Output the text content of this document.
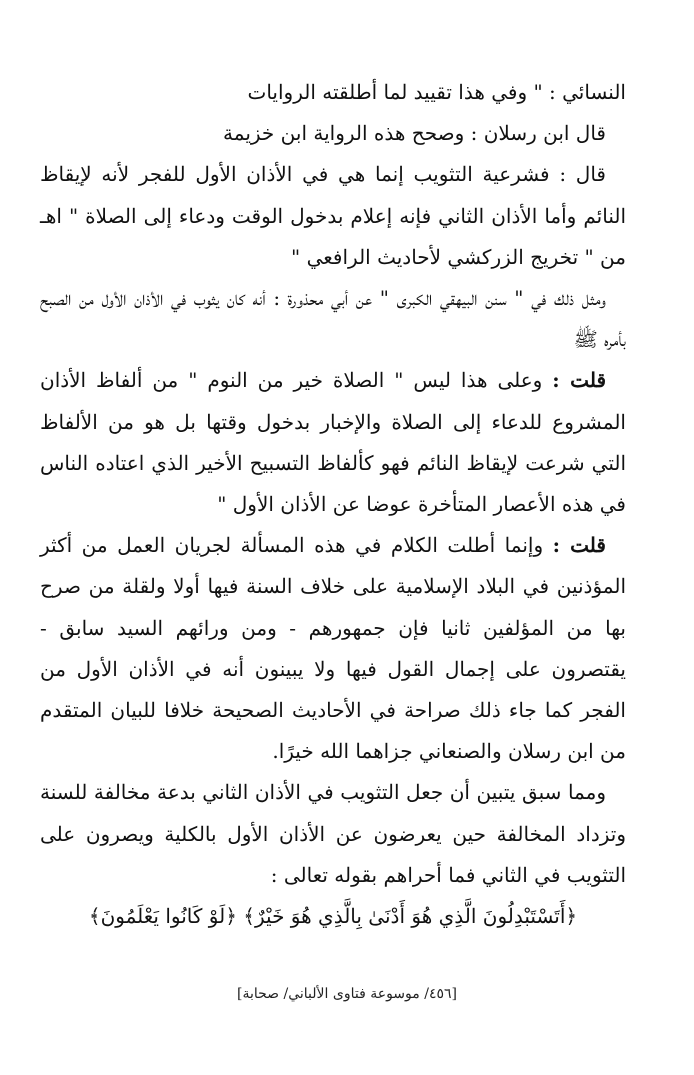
النسائي : " وفي هذا تقييد لما أطلقته الروايات

قال ابن رسلان : وصحح هذه الرواية ابن خزيمة

قال : فشرعية التثويب إنما هي في الأذان الأول للفجر لأنه لإيقاظ النائم وأما الأذان الثاني فإنه إعلام بدخول الوقت ودعاء إلى الصلاة " اهـ من " تخريج الزركشي لأحاديث الرافعي "

ومثل ذلك في " سنن البيهقي الكبرى " عن أبي محذورة : أنه كان يثوب في الأذان الأول من الصبح بأمره ﷺ

قلت : وعلى هذا ليس " الصلاة خير من النوم " من ألفاظ الأذان المشروع للدعاء إلى الصلاة والإخبار بدخول وقتها بل هو من الألفاظ التي شرعت لإيقاظ النائم فهو كألفاظ التسبيح الأخير الذي اعتاده الناس في هذه الأعصار المتأخرة عوضا عن الأذان الأول "

قلت : وإنما أطلت الكلام في هذه المسألة لجريان العمل من أكثر المؤذنين في البلاد الإسلامية على خلاف السنة فيها أولا ولقلة من صرح بها من المؤلفين ثانيا فإن جمهورهم - ومن ورائهم السيد سابق - يقتصرون على إجمال القول فيها ولا يبينون أنه في الأذان الأول من الفجر كما جاء ذلك صراحة في الأحاديث الصحيحة خلافا للبيان المتقدم من ابن رسلان والصنعاني جزاهما الله خيرًا.

ومما سبق يتبين أن جعل التثويب في الأذان الثاني بدعة مخالفة للسنة وتزداد المخالفة حين يعرضون عن الأذان الأول بالكلية ويصرون على التثويب في الثاني فما أحراهم بقوله تعالى :

﴿أَتَسْتَبْدِلُونَ الَّذِي هُوَ أَدْنَىٰ بِالَّذِي هُوَ خَيْرٌ﴾ ﴿لَوْ كَانُوا يَعْلَمُونَ﴾

[٤٥٦/ موسوعة فتاوى الألباني/ صحابة]
